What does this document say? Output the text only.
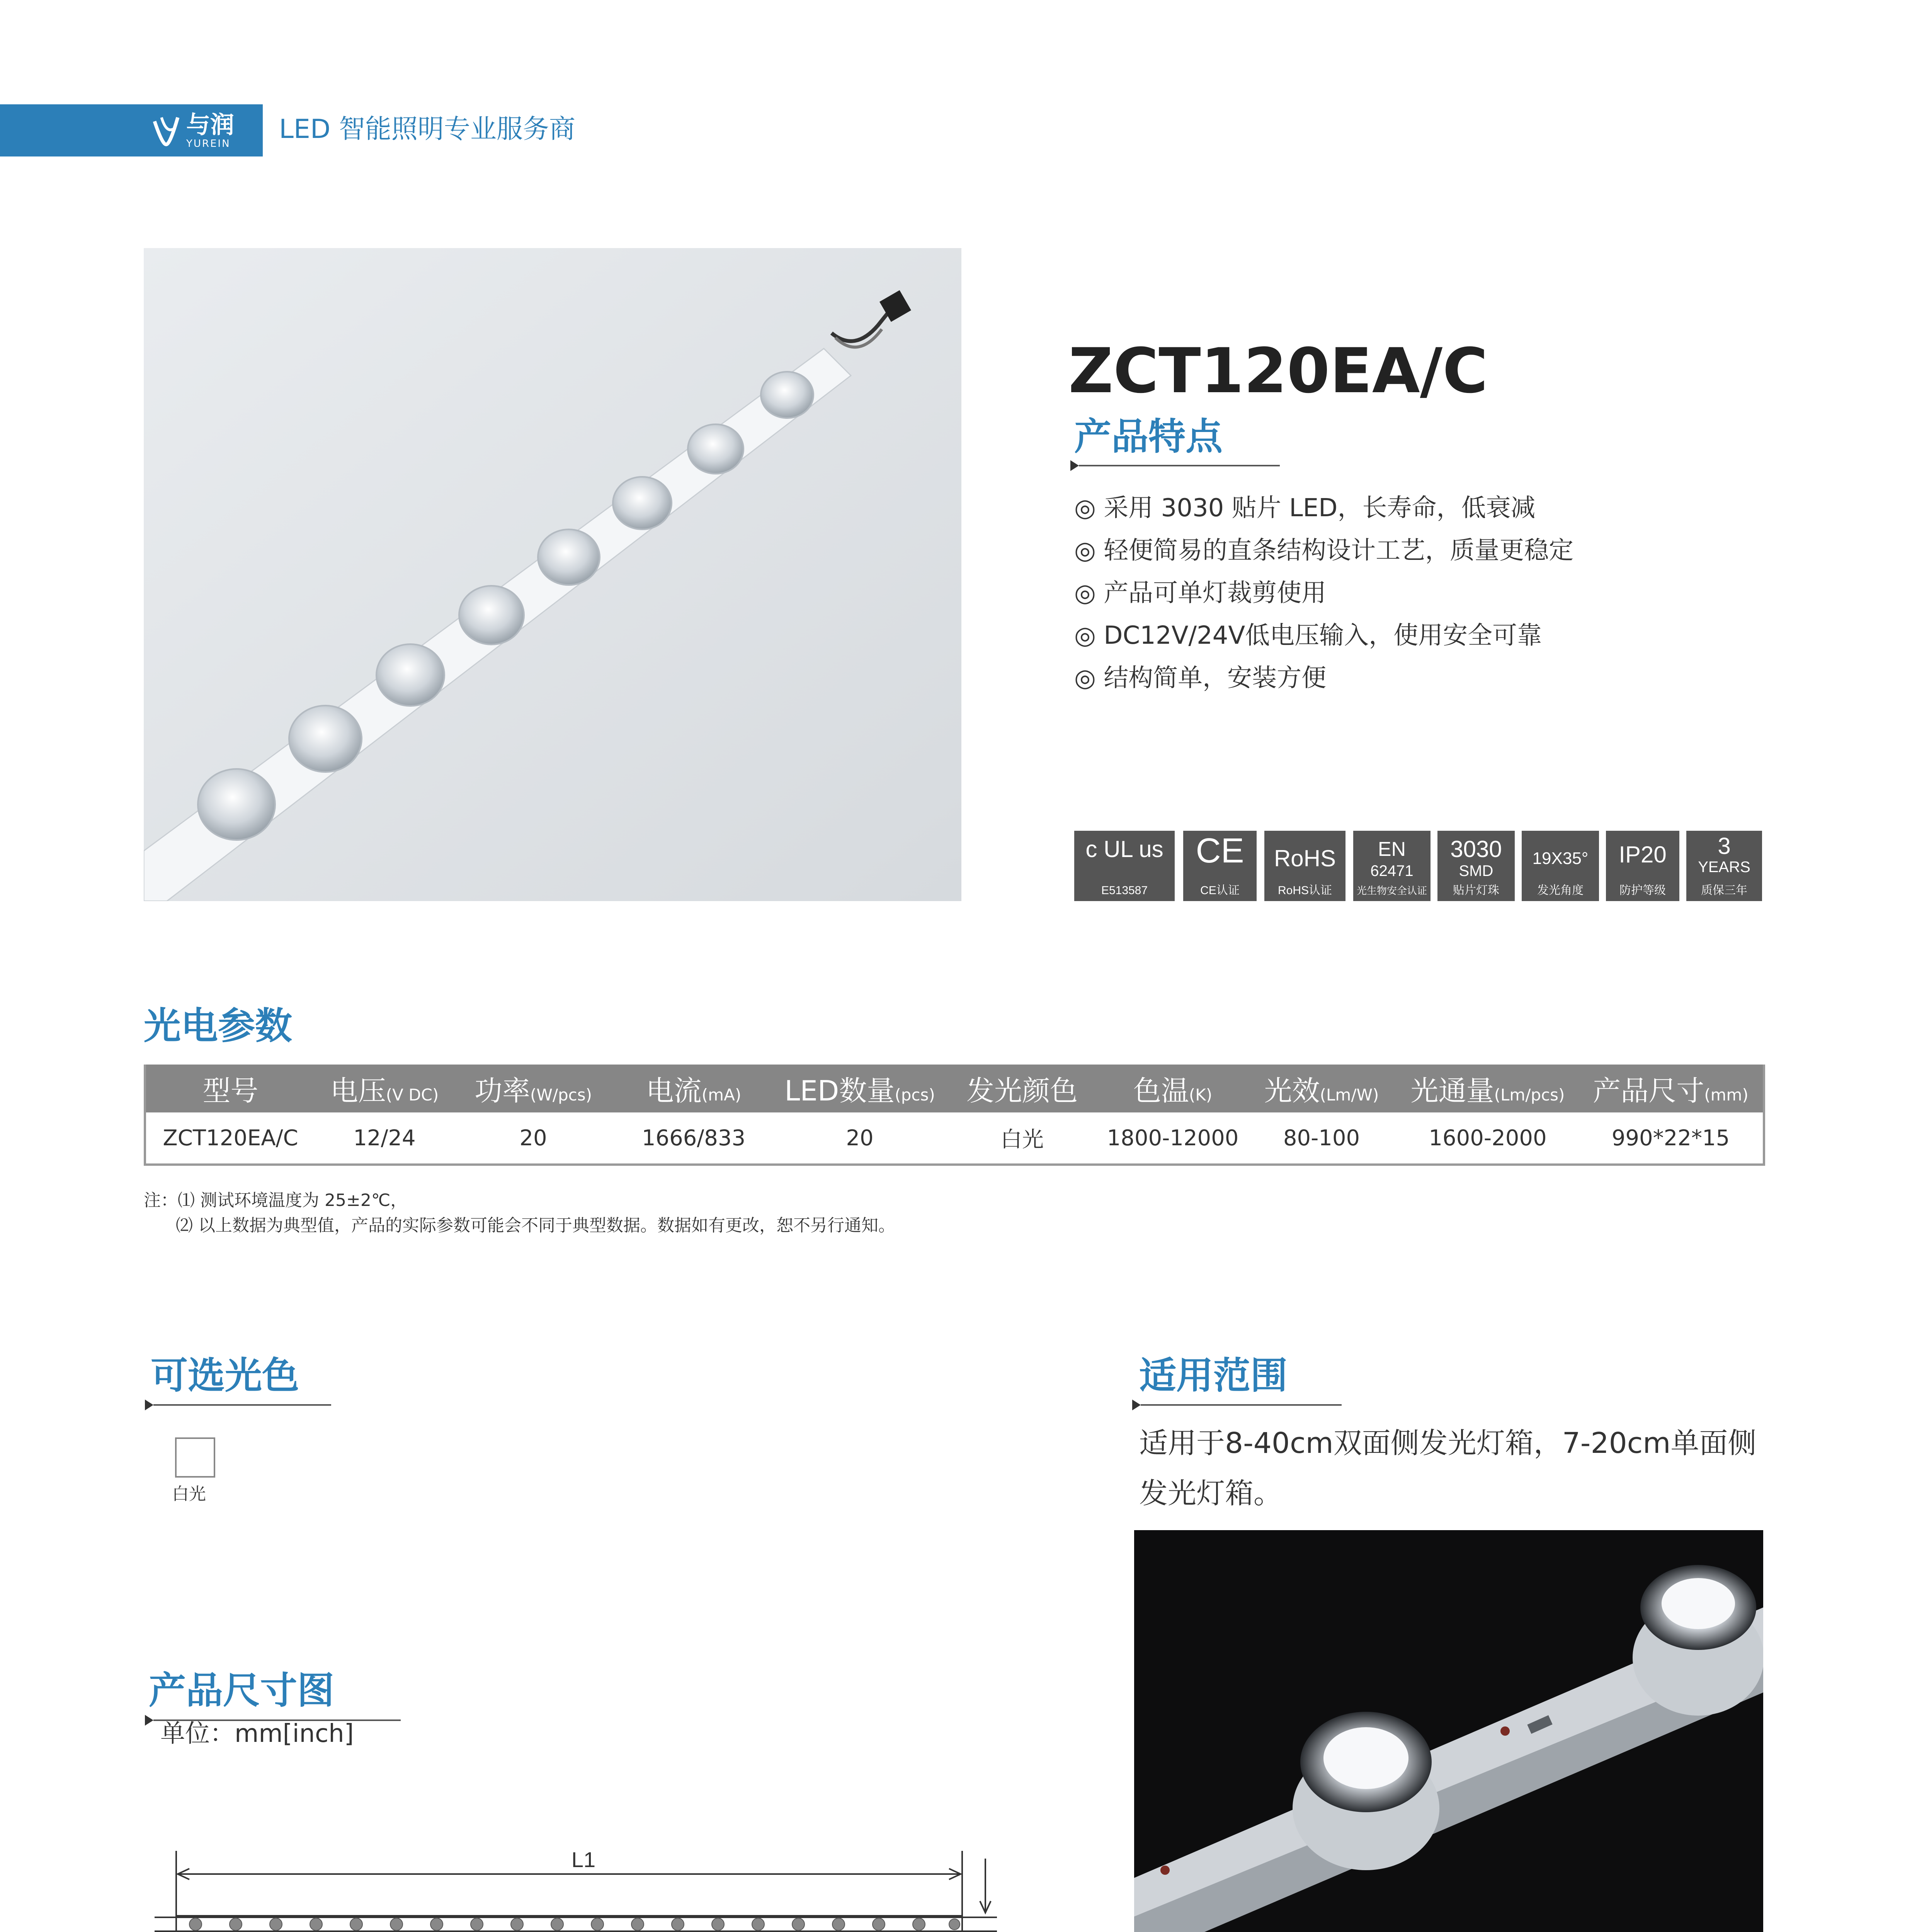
与润
YUREIN LED 智能照明专业服务商
ZCT120EA/C
产品特点
◎ 采用 3030 贴片 LED，长寿命，低衰减
◎ 轻便简易的直条结构设计工艺，质量更稳定
◎ 产品可单灯裁剪使用
◎ DC12V/24V低电压输入，使用安全可靠
◎ 结构简单，安装方便
c UL us
E513587
CE
CE认证
RoHS
RoHS认证
EN
62471
光生物安全认证
3030
SMD
贴片灯珠
19X35°
发光角度
IP20
防护等级
3
YEARS
质保三年
光电参数
型号	电压(V DC)	功率(W/pcs)	电流(mA)	LED数量(pcs)	发光颜色	色温(K)	光效(Lm/W)	光通量(Lm/pcs)	产品尺寸(mm)
ZCT120EA/C	12/24	20	1666/833	20	白光	1800-12000	80-100	1600-2000	990*22*15
注：⑴ 测试环境温度为 25±2℃，
⑵ 以上数据为典型值，产品的实际参数可能会不同于典型数据。数据如有更改，恕不另行通知。
可选光色
白光
适用范围
适用于8-40cm双面侧发光灯箱，7-20cm单面侧发光灯箱。
产品尺寸图
单位：mm[inch]
L1
